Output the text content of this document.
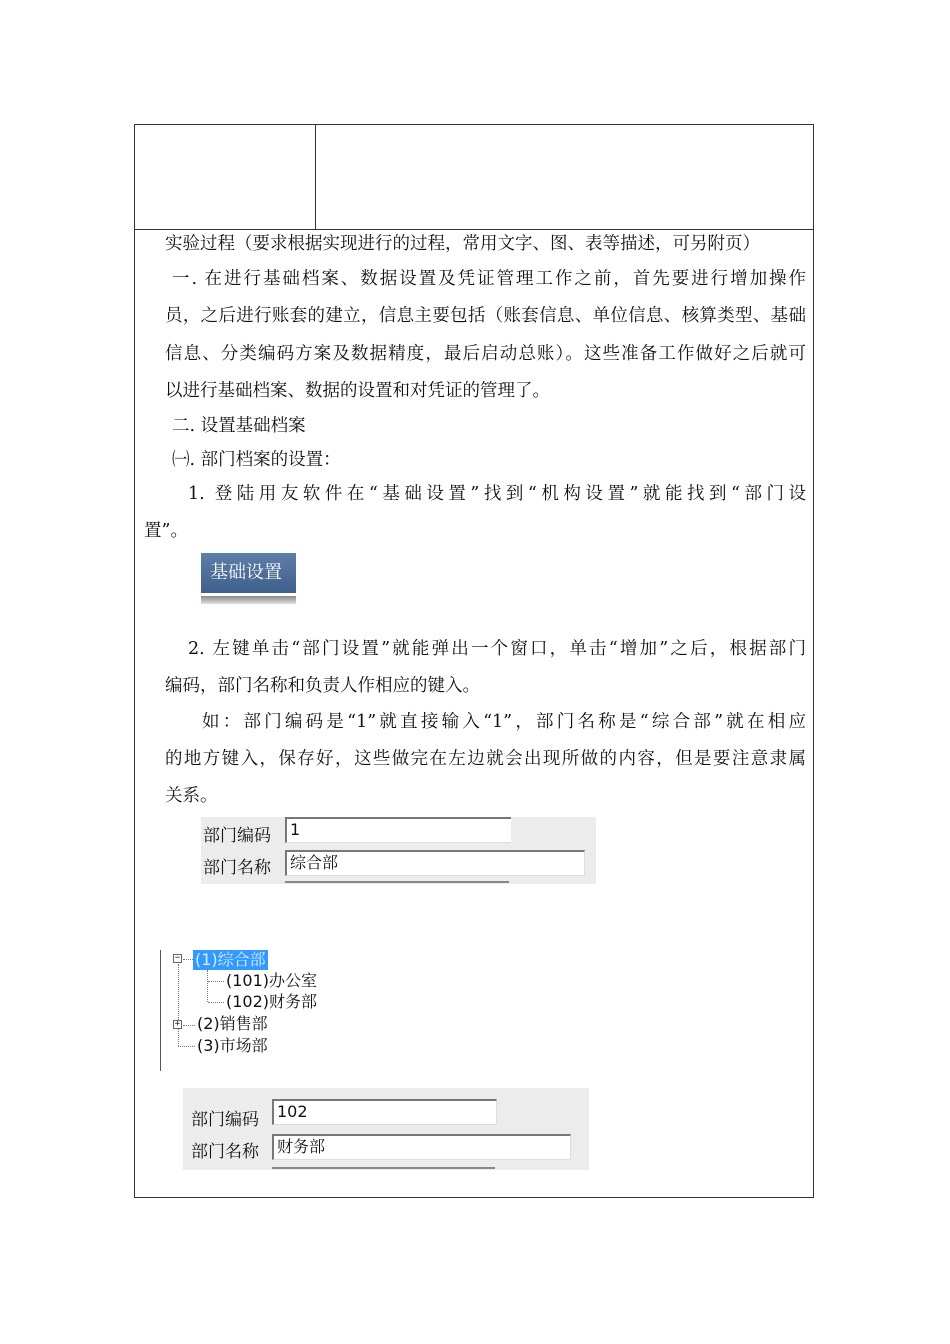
实验过程（要求根据实现进行的过程，常用文字、图、表等描述，可另附页）
一. 在进行基础档案、数据设置及凭证管理工作之前，首先要进行增加操作
员，之后进行账套的建立，信息主要包括（账套信息、单位信息、核算类型、基础
信息、分类编码方案及数据精度，最后启动总账）。这些准备工作做好之后就可
以进行基础档案、数据的设置和对凭证的管理了。
二. 设置基础档案
㈠. 部门档案的设置：
1. 登陆用友软件在“基础设置”找到“机构设置”就能找到“部门设
置”。
基础设置
2. 左键单击“部门设置”就能弹出一个窗口，单击“增加”之后，根据部门
编码，部门名称和负责人作相应的键入。
如：部门编码是“1”就直接输入“1”，部门名称是“综合部”就在相应
的地方键入，保存好，这些做完在左边就会出现所做的内容，但是要注意隶属
关系。
部门编码	1
部门名称	综合部
− (1)综合部
(101)办公室
(102)财务部
+ (2)销售部
(3)市场部
部门编码	102
部门名称	财务部
